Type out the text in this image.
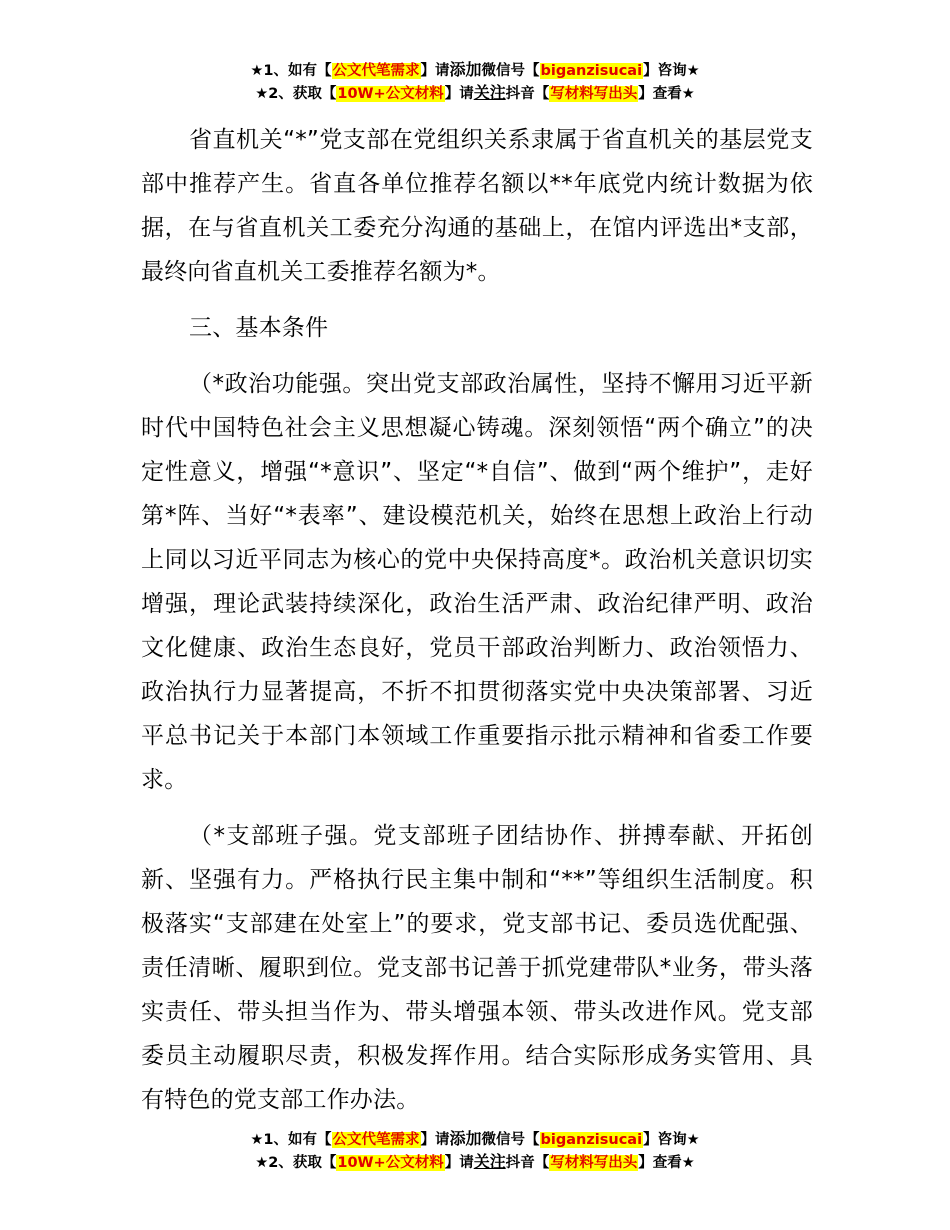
★1、如有【公文代笔需求】请添加微信号【biganzisucai】咨询★
★2、获取【10W+公文材料】请关注抖音【写材料写出头】查看★

省直机关“*”党支部在党组织关系隶属于省直机关的基层党支部中推荐产生。省直各单位推荐名额以**年底党内统计数据为依据，在与省直机关工委充分沟通的基础上，在馆内评选出*支部，最终向省直机关工委推荐名额为*。

三、基本条件

（*政治功能强。突出党支部政治属性，坚持不懈用习近平新时代中国特色社会主义思想凝心铸魂。深刻领悟“两个确立”的决定性意义，增强“*意识”、坚定“*自信”、做到“两个维护”，走好第*阵、当好“*表率”、建设模范机关，始终在思想上政治上行动上同以习近平同志为核心的党中央保持高度*。政治机关意识切实增强，理论武装持续深化，政治生活严肃、政治纪律严明、政治文化健康、政治生态良好，党员干部政治判断力、政治领悟力、政治执行力显著提高，不折不扣贯彻落实党中央决策部署、习近平总书记关于本部门本领域工作重要指示批示精神和省委工作要求。

（*支部班子强。党支部班子团结协作、拼搏奉献、开拓创新、坚强有力。严格执行民主集中制和“**”等组织生活制度。积极落实“支部建在处室上”的要求，党支部书记、委员选优配强、责任清晰、履职到位。党支部书记善于抓党建带队*业务，带头落实责任、带头担当作为、带头增强本领、带头改进作风。党支部委员主动履职尽责，积极发挥作用。结合实际形成务实管用、具有特色的党支部工作办法。

★1、如有【公文代笔需求】请添加微信号【biganzisucai】咨询★
★2、获取【10W+公文材料】请关注抖音【写材料写出头】查看★
